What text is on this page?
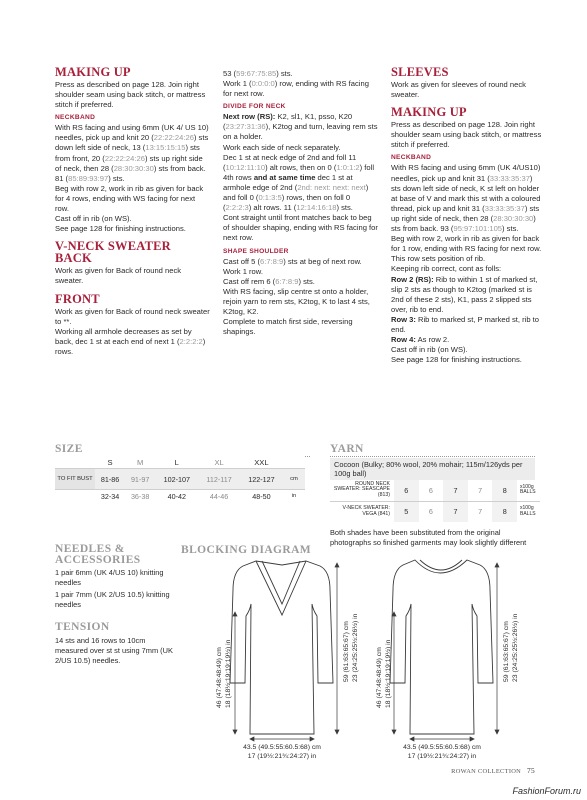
MAKING UP

Press as described on page 128. Join right shoulder seam using back stitch, or mattress stitch if preferred.

NECKBAND

With RS facing and using 6mm (UK 4/ US 10) needles, pick up and knit 20 (22:22:24:26) sts down left side of neck, 13 (13:15:15:15) sts from front, 20 (22:22:24:26) sts up right side of neck, then 28 (28:30:30:30) sts from back. 81 (85:89:93:97) sts.

Beg with row 2, work in rib as given for back for 4 rows, ending with WS facing for next row.

Cast off in rib (on WS).

See page 128 for finishing instructions.

V-NECK SWEATER BACK

Work as given for Back of round neck sweater.

FRONT

Work as given for Back of round neck sweater to **.

Working all armhole decreases as set by back, dec 1 st at each end of next 1 (2:2:2:2) rows.

53 (59:67:75:85) sts.

Work 1 (0:0:0:0) row, ending with RS facing for next row.

DIVIDE FOR NECK

Next row (RS): K2, sl1, K1, psso, K20 (23:27:31:36), K2tog and turn, leaving rem sts on a holder.

Work each side of neck separately.

Dec 1 st at neck edge of 2nd and foll 11 (10:12:11:10) alt rows, then on 0 (1:0:1:2) foll 4th rows and at same time dec 1 st at armhole edge of 2nd (2nd: next: next: next) and foll 0 (0:1:3:5) rows, then on foll 0 (2:2:2:3) alt rows. 11 (12:14:16:18) sts.

Cont straight until front matches back to beg of shoulder shaping, ending with RS facing for next row.

SHAPE SHOULDER

Cast off 5 (6:7:8:9) sts at beg of next row.

Work 1 row.

Cast off rem 6 (6:7:8:9) sts.

With RS facing, slip centre st onto a holder, rejoin yarn to rem sts, K2tog, K to last 4 sts, K2tog, K2.

Complete to match first side, reversing shapings.

SLEEVES

Work as given for sleeves of round neck sweater.

MAKING UP

Press as described on page 128. Join right shoulder seam using back stitch, or mattress stitch if preferred.

NECKBAND

With RS facing and using 6mm (UK 4/US10) needles, pick up and knit 31 (33:33:35:37) sts down left side of neck, K st left on holder at base of V and mark this st with a coloured thread, pick up and knit 31 (33:33:35:37) sts up right side of neck, then 28 (28:30:30:30) sts from back. 93 (95:97:101:105) sts.

Beg with row 2, work in rib as given for back for 1 row, ending with RS facing for next row.

This row sets position of rib.

Keeping rib correct, cont as folls:

Row 2 (RS): Rib to within 1 st of marked st, slip 2 sts as though to K2tog (marked st is 2nd of these 2 sts), K1, pass 2 slipped sts over, rib to end.

Row 3: Rib to marked st, P marked st, rib to end.

Row 4: As row 2.

Cast off in rib (on WS).

See page 128 for finishing instructions.

SIZE
	S	M	L	XL	XXL	
TO FIT BUST	81-86	91-97	102-107	112-117	122-127	cm
	32-34	36-38	40-42	44-46	48-50	in
YARN
Cocoon (Bulky; 80% wool, 20% mohair; 115m/126yds per 100g ball)
ROUND NECK SWEATER: SEASCAPE (813)	6	6	7	7	8	x100g BALLS
V-NECK SWEATER: VEGA (841)	5	6	7	7	8	x100g BALLS
Both shades have been substituted from the original photographs so finished garments may look slightly different
NEEDLES & ACCESSORIES
1 pair 6mm (UK 4/US 10) knitting needles
1 pair 7mm (UK 2/US 10.5) knitting needles
TENSION
14 sts and 16 rows to 10cm measured over st st using 7mm (UK 2/US 10.5) needles.
BLOCKING DIAGRAM
43.5 (49.5:55:60.5:68) cm
17 (19½:21¾:24:27) in
46 (47:48:48:49) cm 18 (18½:19:19:19½) in	59 (61:63:65:67) cm 23 (24:25:25½:26½) in
43.5 (49.5:55:60.5:68) cm
17 (19½:21¾:24:27) in
46 (47:48:48:49) cm 18 (18½:19:19:19½) in	59 (61:63:65:67) cm 23 (24:25:25½:26½) in
ROWAN COLLECTION 75
FashionForum.ru
